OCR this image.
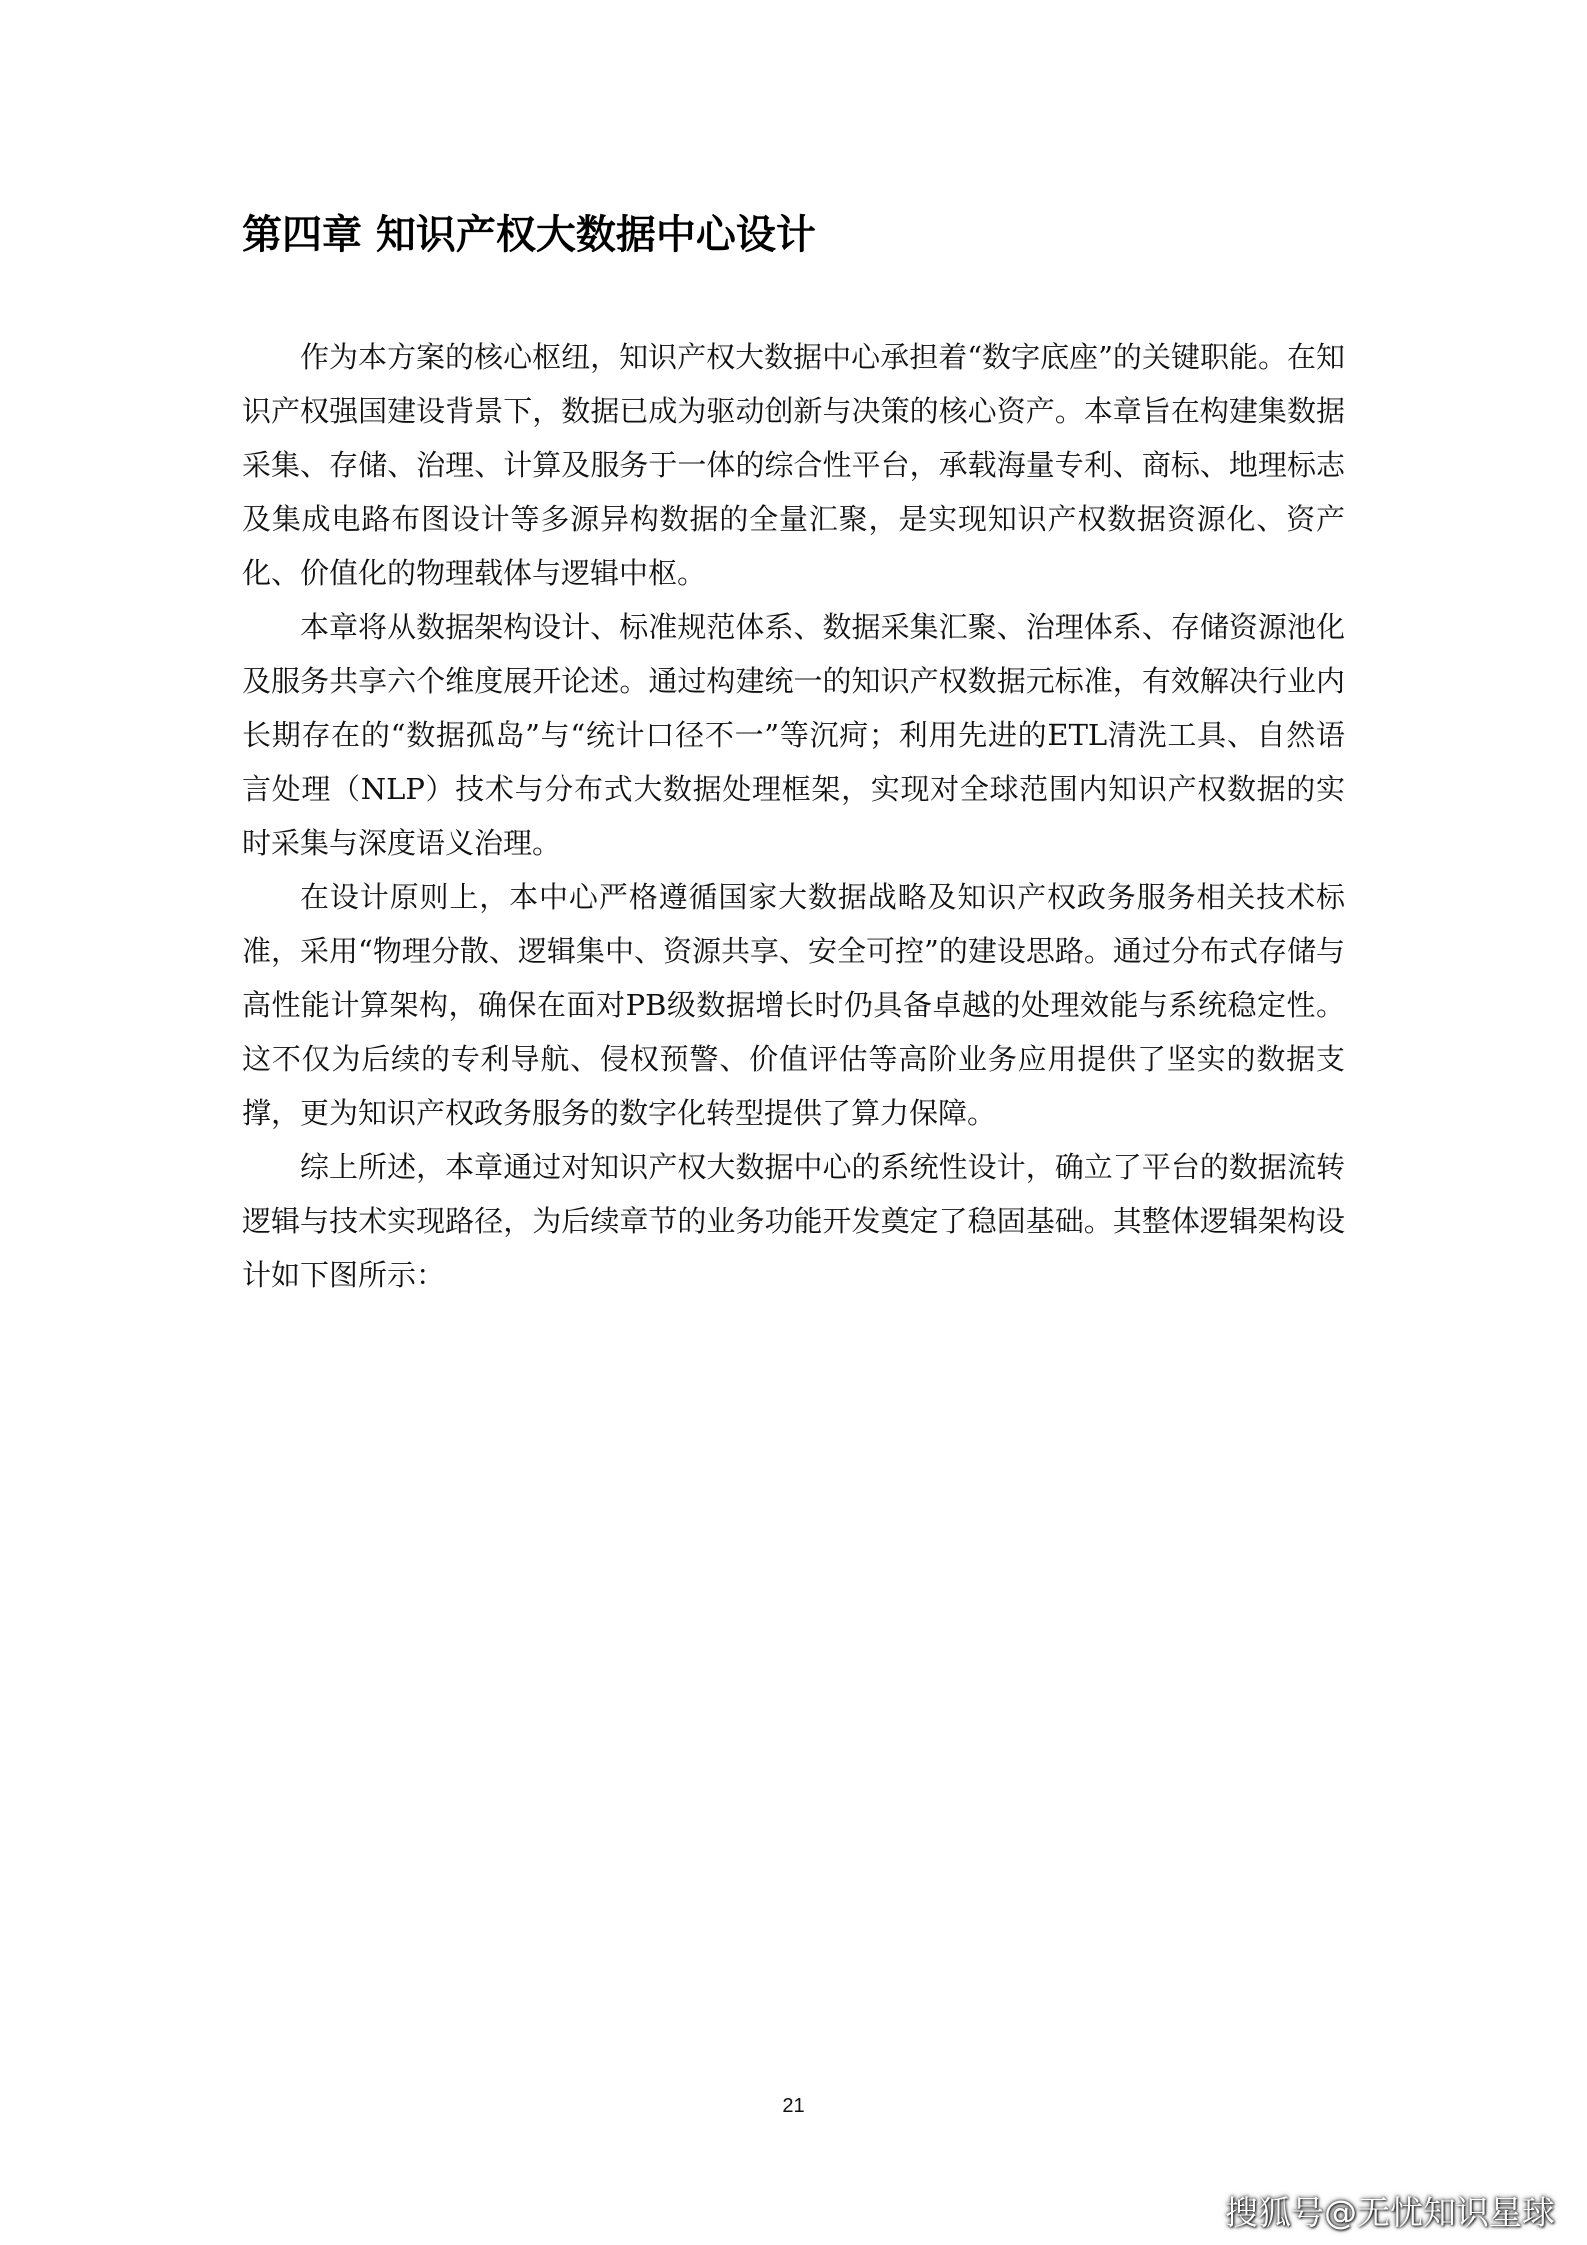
第四章 知识产权大数据中心设计

作为本方案的核心枢纽，知识产权大数据中心承担着“数字底座”的关键职能。在知识产权强国建设背景下，数据已成为驱动创新与决策的核心资产。本章旨在构建集数据采集、存储、治理、计算及服务于一体的综合性平台，承载海量专利、商标、地理标志及集成电路布图设计等多源异构数据的全量汇聚，是实现知识产权数据资源化、资产化、价值化的物理载体与逻辑中枢。

本章将从数据架构设计、标准规范体系、数据采集汇聚、治理体系、存储资源池化及服务共享六个维度展开论述。通过构建统一的知识产权数据元标准，有效解决行业内长期存在的“数据孤岛”与“统计口径不一”等沉疴；利用先进的ETL清洗工具、自然语言处理（NLP）技术与分布式大数据处理框架，实现对全球范围内知识产权数据的实时采集与深度语义治理。

在设计原则上，本中心严格遵循国家大数据战略及知识产权政务服务相关技术标准，采用“物理分散、逻辑集中、资源共享、安全可控”的建设思路。通过分布式存储与高性能计算架构，确保在面对PB级数据增长时仍具备卓越的处理效能与系统稳定性。这不仅为后续的专利导航、侵权预警、价值评估等高阶业务应用提供了坚实的数据支撑，更为知识产权政务服务的数字化转型提供了算力保障。

综上所述，本章通过对知识产权大数据中心的系统性设计，确立了平台的数据流转逻辑与技术实现路径，为后续章节的业务功能开发奠定了稳固基础。其整体逻辑架构设计如下图所示：

21
搜狐号@无忧知识星球
